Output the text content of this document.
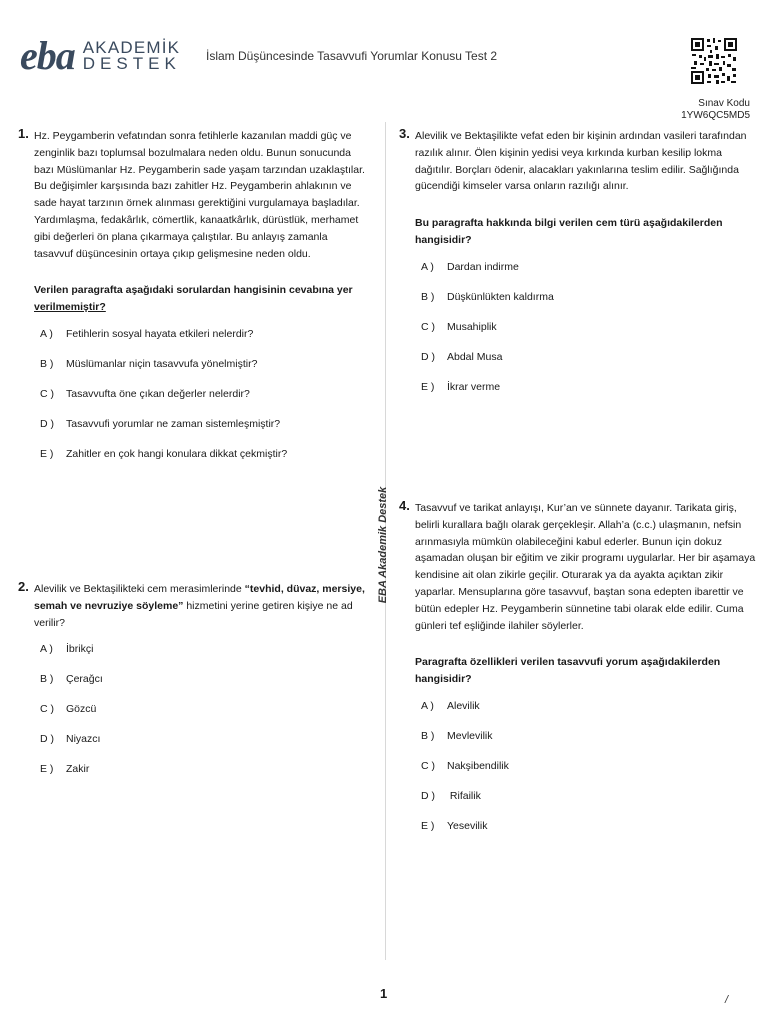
eba AKADEMİK
DESTEK İslam Düşüncesinde Tasavvufi Yorumlar Konusu Test 2
Sınav Kodu
1YW6QC5MD5
EBA Akademik Destek
1. Hz. Peygamberin vefatından sonra fetihlerle kazanılan maddi güç ve zenginlik bazı toplumsal bozulmalara neden oldu. Bunun sonucunda bazı Müslümanlar Hz. Peygamberin sade yaşam tarzından uzaklaştılar. Bu değişimler karşısında bazı zahitler Hz. Peygamberin ahlakının ve sade hayat tarzının örnek alınması gerektiğini vurgulamaya başladılar. Yardımlaşma, fedakârlık, cömertlik, kanaatkârlık, dürüstlük, merhamet gibi değerleri ön plana çıkarmaya çalıştılar. Bu anlayış zamanla tasavvuf düşüncesinin ortaya çıkıp gelişmesine neden oldu.

Verilen paragrafta aşağıdaki sorulardan hangisinin cevabına yer verilmemiştir?

A )	Fetihlerin sosyal hayata etkileri nelerdir?
B )	Müslümanlar niçin tasavvufa yönelmiştir?
C )	Tasavvufta öne çıkan değerler nelerdir?
D )	Tasavvufi yorumlar ne zaman sistemleşmiştir?
E )	Zahitler en çok hangi konulara dikkat çekmiştir?
2. Alevilik ve Bektaşilikteki cem merasimlerinde “tevhid, düvaz, mersiye, semah ve nevruziye söyleme” hizmetini yerine getiren kişiye ne ad verilir?

A )	İbrikçi
B )	Çerağcı
C )	Gözcü
D )	Niyazcı
E )	Zakir
3. Alevilik ve Bektaşilikte vefat eden bir kişinin ardından vasileri tarafından razılık alınır. Ölen kişinin yedisi veya kırkında kurban kesilip lokma dağıtılır. Borçları ödenir, alacakları yakınlarına teslim edilir. Sağlığında gücendiği kimseler varsa onların razılığı alınır.

Bu paragrafta hakkında bilgi verilen cem türü aşağıdakilerden hangisidir?

A )	Dardan indirme
B )	Düşkünlükten kaldırma
C )	Musahiplik
D )	Abdal Musa
E )	İkrar verme
4. Tasavvuf ve tarikat anlayışı, Kur’an ve sünnete dayanır. Tarikata giriş, belirli kurallara bağlı olarak gerçekleşir. Allah’a (c.c.) ulaşmanın, nefsin arınmasıyla mümkün olabileceğini kabul ederler. Bunun için dokuz aşamadan oluşan bir eğitim ve zikir programı uygularlar. Her bir aşamaya kendisine ait olan zikirle geçilir. Oturarak ya da ayakta açıktan zikir yaparlar. Mensuplarına göre tasavvuf, baştan sona edepten ibarettir ve bütün edepler Hz. Peygamberin sünnetine tabi olarak elde edilir. Cuma günleri tef eşliğinde ilahiler söylerler.

Paragrafta özellikleri verilen tasavvufi yorum aşağıdakilerden hangisidir?

A )	Alevilik
B )	Mevlevilik
C )	Nakşibendilik
D )	Rifailik
E )	Yesevilik
1	/
